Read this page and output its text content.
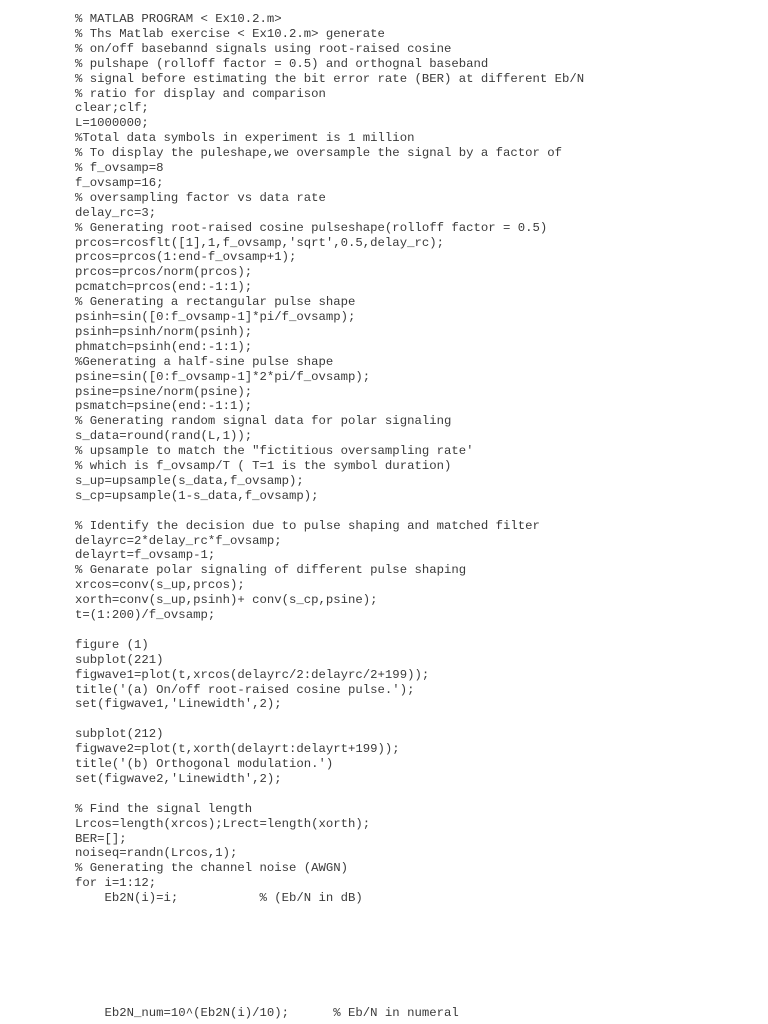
% MATLAB PROGRAM < Ex10.2.m>
% Ths Matlab exercise < Ex10.2.m> generate
% on/off basebannd signals using root-raised cosine
% pulshape (rolloff factor = 0.5) and orthognal baseband
% signal before estimating the bit error rate (BER) at different Eb/N
% ratio for display and comparison
clear;clf;
L=1000000;
%Total data symbols in experiment is 1 million
% To display the puleshape,we oversample the signal by a factor of
% f_ovsamp=8
f_ovsamp=16;
% oversampling factor vs data rate
delay_rc=3;
% Generating root-raised cosine pulseshape(rolloff factor = 0.5)
prcos=rcosflt([1],1,f_ovsamp,'sqrt',0.5,delay_rc);
prcos=prcos(1:end-f_ovsamp+1);
prcos=prcos/norm(prcos);
pcmatch=prcos(end:-1:1);
% Generating a rectangular pulse shape
psinh=sin([0:f_ovsamp-1]*pi/f_ovsamp);
psinh=psinh/norm(psinh);
phmatch=psinh(end:-1:1);
%Generating a half-sine pulse shape
psine=sin([0:f_ovsamp-1]*2*pi/f_ovsamp);
psine=psine/norm(psine);
psmatch=psine(end:-1:1);
% Generating random signal data for polar signaling
s_data=round(rand(L,1));
% upsample to match the "fictitious oversampling rate'
% which is f_ovsamp/T ( T=1 is the symbol duration)
s_up=upsample(s_data,f_ovsamp);
s_cp=upsample(1-s_data,f_ovsamp);
% Identify the decision due to pulse shaping and matched filter
delayrc=2*delay_rc*f_ovsamp;
delayrt=f_ovsamp-1;
% Genarate polar signaling of different pulse shaping
xrcos=conv(s_up,prcos);
xorth=conv(s_up,psinh)+ conv(s_cp,psine);
t=(1:200)/f_ovsamp;
figure (1)
subplot(221)
figwave1=plot(t,xrcos(delayrc/2:delayrc/2+199));
title('(a) On/off root-raised cosine pulse.');
set(figwave1,'Linewidth',2);
subplot(212)
figwave2=plot(t,xorth(delayrt:delayrt+199));
title('(b) Orthogonal modulation.')
set(figwave2,'Linewidth',2);
% Find the signal length
Lrcos=length(xrcos);Lrect=length(xorth);
BER=[];
noiseq=randn(Lrcos,1);
% Generating the channel noise (AWGN)
for i=1:12;
Eb2N(i)=i;           % (Eb/N in dB)
Eb2N_num=10^(Eb2N(i)/10);      % Eb/N in numeral
